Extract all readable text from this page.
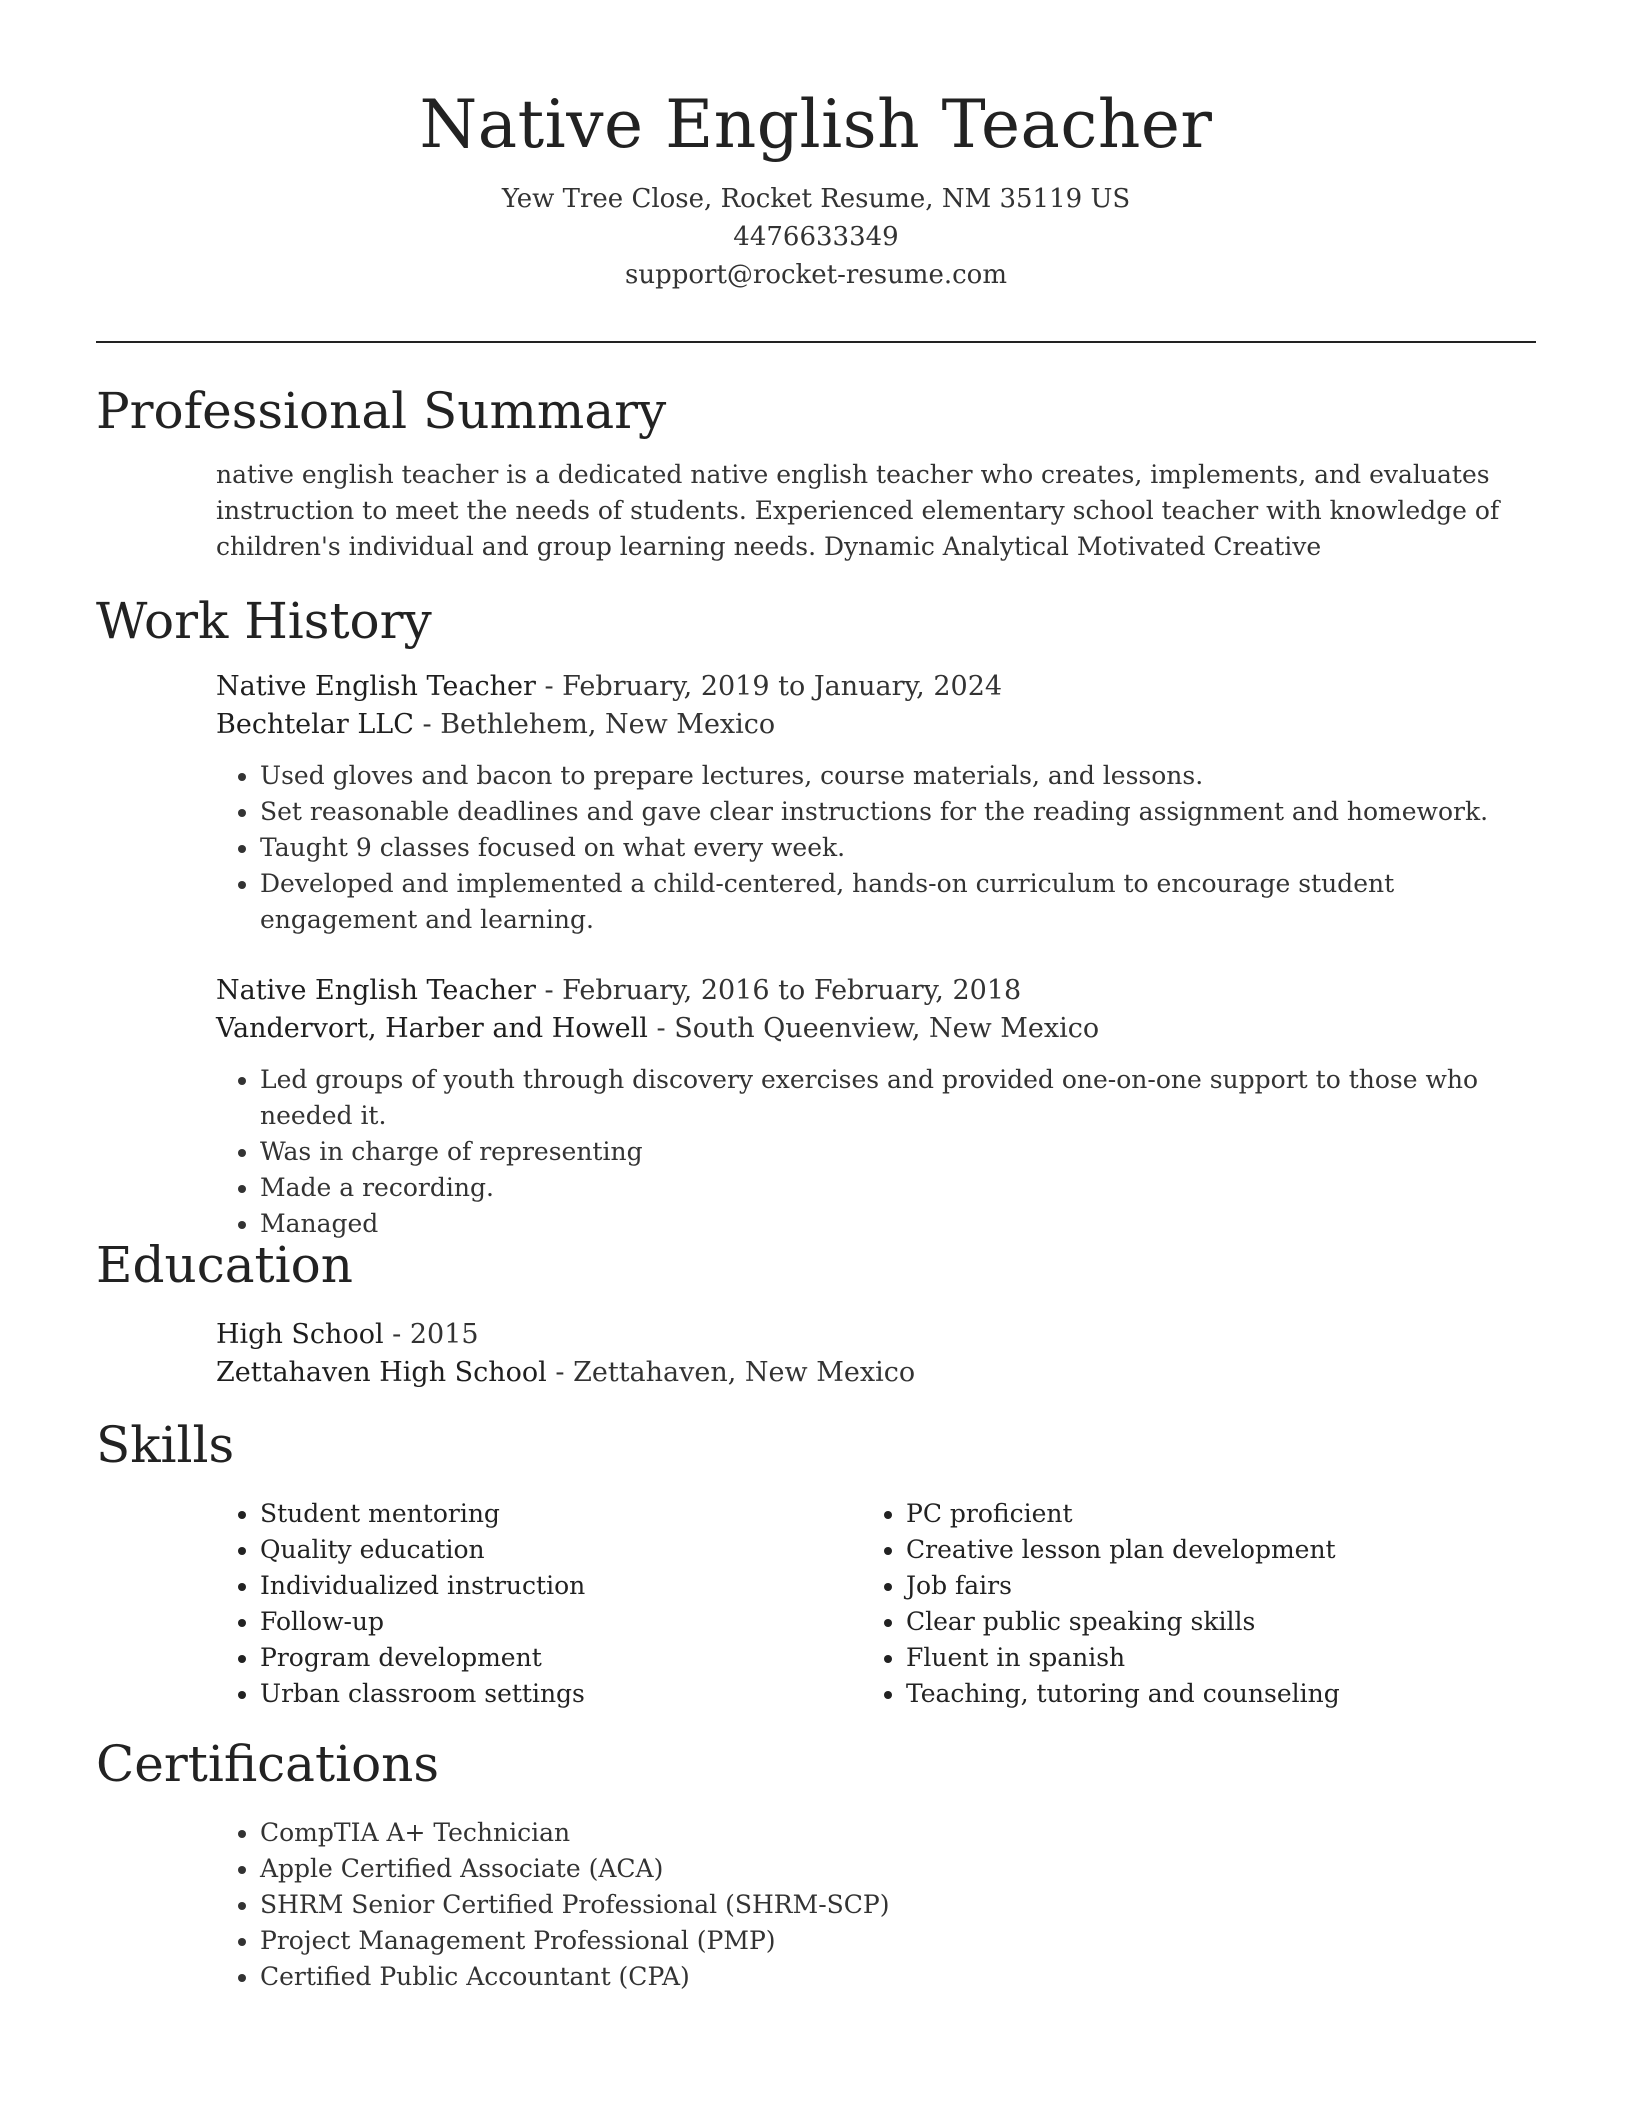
Native English Teacher

Yew Tree Close, Rocket Resume, NM 35119 US

4476633349

support@rocket-resume.com

Professional Summary

native english teacher is a dedicated native english teacher who creates, implements, and evaluates instruction to meet the needs of students. Experienced elementary school teacher with knowledge of children's individual and group learning needs. Dynamic Analytical Motivated Creative

Work History

Native English Teacher - February, 2019 to January, 2024

Bechtelar LLC - Bethlehem, New Mexico

• Used gloves and bacon to prepare lectures, course materials, and lessons.
• Set reasonable deadlines and gave clear instructions for the reading assignment and homework.
• Taught 9 classes focused on what every week.
• Developed and implemented a child-centered, hands-on curriculum to encourage student engagement and learning.

Native English Teacher - February, 2016 to February, 2018

Vandervort, Harber and Howell - South Queenview, New Mexico

• Led groups of youth through discovery exercises and provided one-on-one support to those who needed it.
• Was in charge of representing
• Made a recording.
• Managed
Education

High School - 2015

Zettahaven High School - Zettahaven, New Mexico

Skills
• Student mentoring
• Quality education
• Individualized instruction
• Follow-up
• Program development
• Urban classroom settings
• PC proficient
• Creative lesson plan development
• Job fairs
• Clear public speaking skills
• Fluent in spanish
• Teaching, tutoring and counseling
Certifications
• CompTIA A+ Technician
• Apple Certified Associate (ACA)
• SHRM Senior Certified Professional (SHRM-SCP)
• Project Management Professional (PMP)
• Certified Public Accountant (CPA)
